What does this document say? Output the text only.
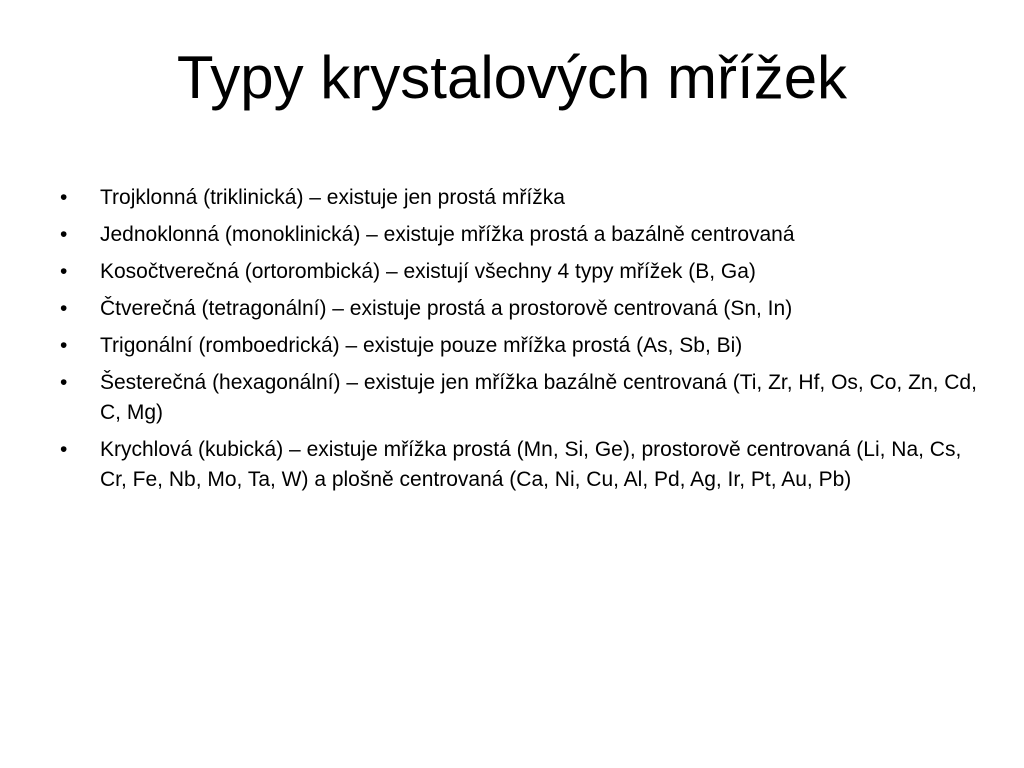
Typy krystalových mřížek
•	Trojklonná (triklinická) – existuje jen prostá mřížka
•	Jednoklonná (monoklinická) – existuje mřížka prostá a bazálně centrovaná
•	Kosočtverečná (ortorombická) – existují všechny 4 typy mřížek (B, Ga)
•	Čtverečná (tetragonální) – existuje prostá a prostorově centrovaná (Sn, In)
•	Trigonální (romboedrická) – existuje pouze mřížka prostá (As, Sb, Bi)
•	Šesterečná (hexagonální) – existuje jen mřížka bazálně centrovaná (Ti, Zr, Hf, Os, Co, Zn, Cd, C, Mg)
•	Krychlová (kubická) – existuje mřížka prostá (Mn, Si, Ge), prostorově centrovaná (Li, Na, Cs, Cr, Fe, Nb, Mo, Ta, W) a plošně centrovaná (Ca, Ni, Cu, Al, Pd, Ag, Ir, Pt, Au, Pb)
